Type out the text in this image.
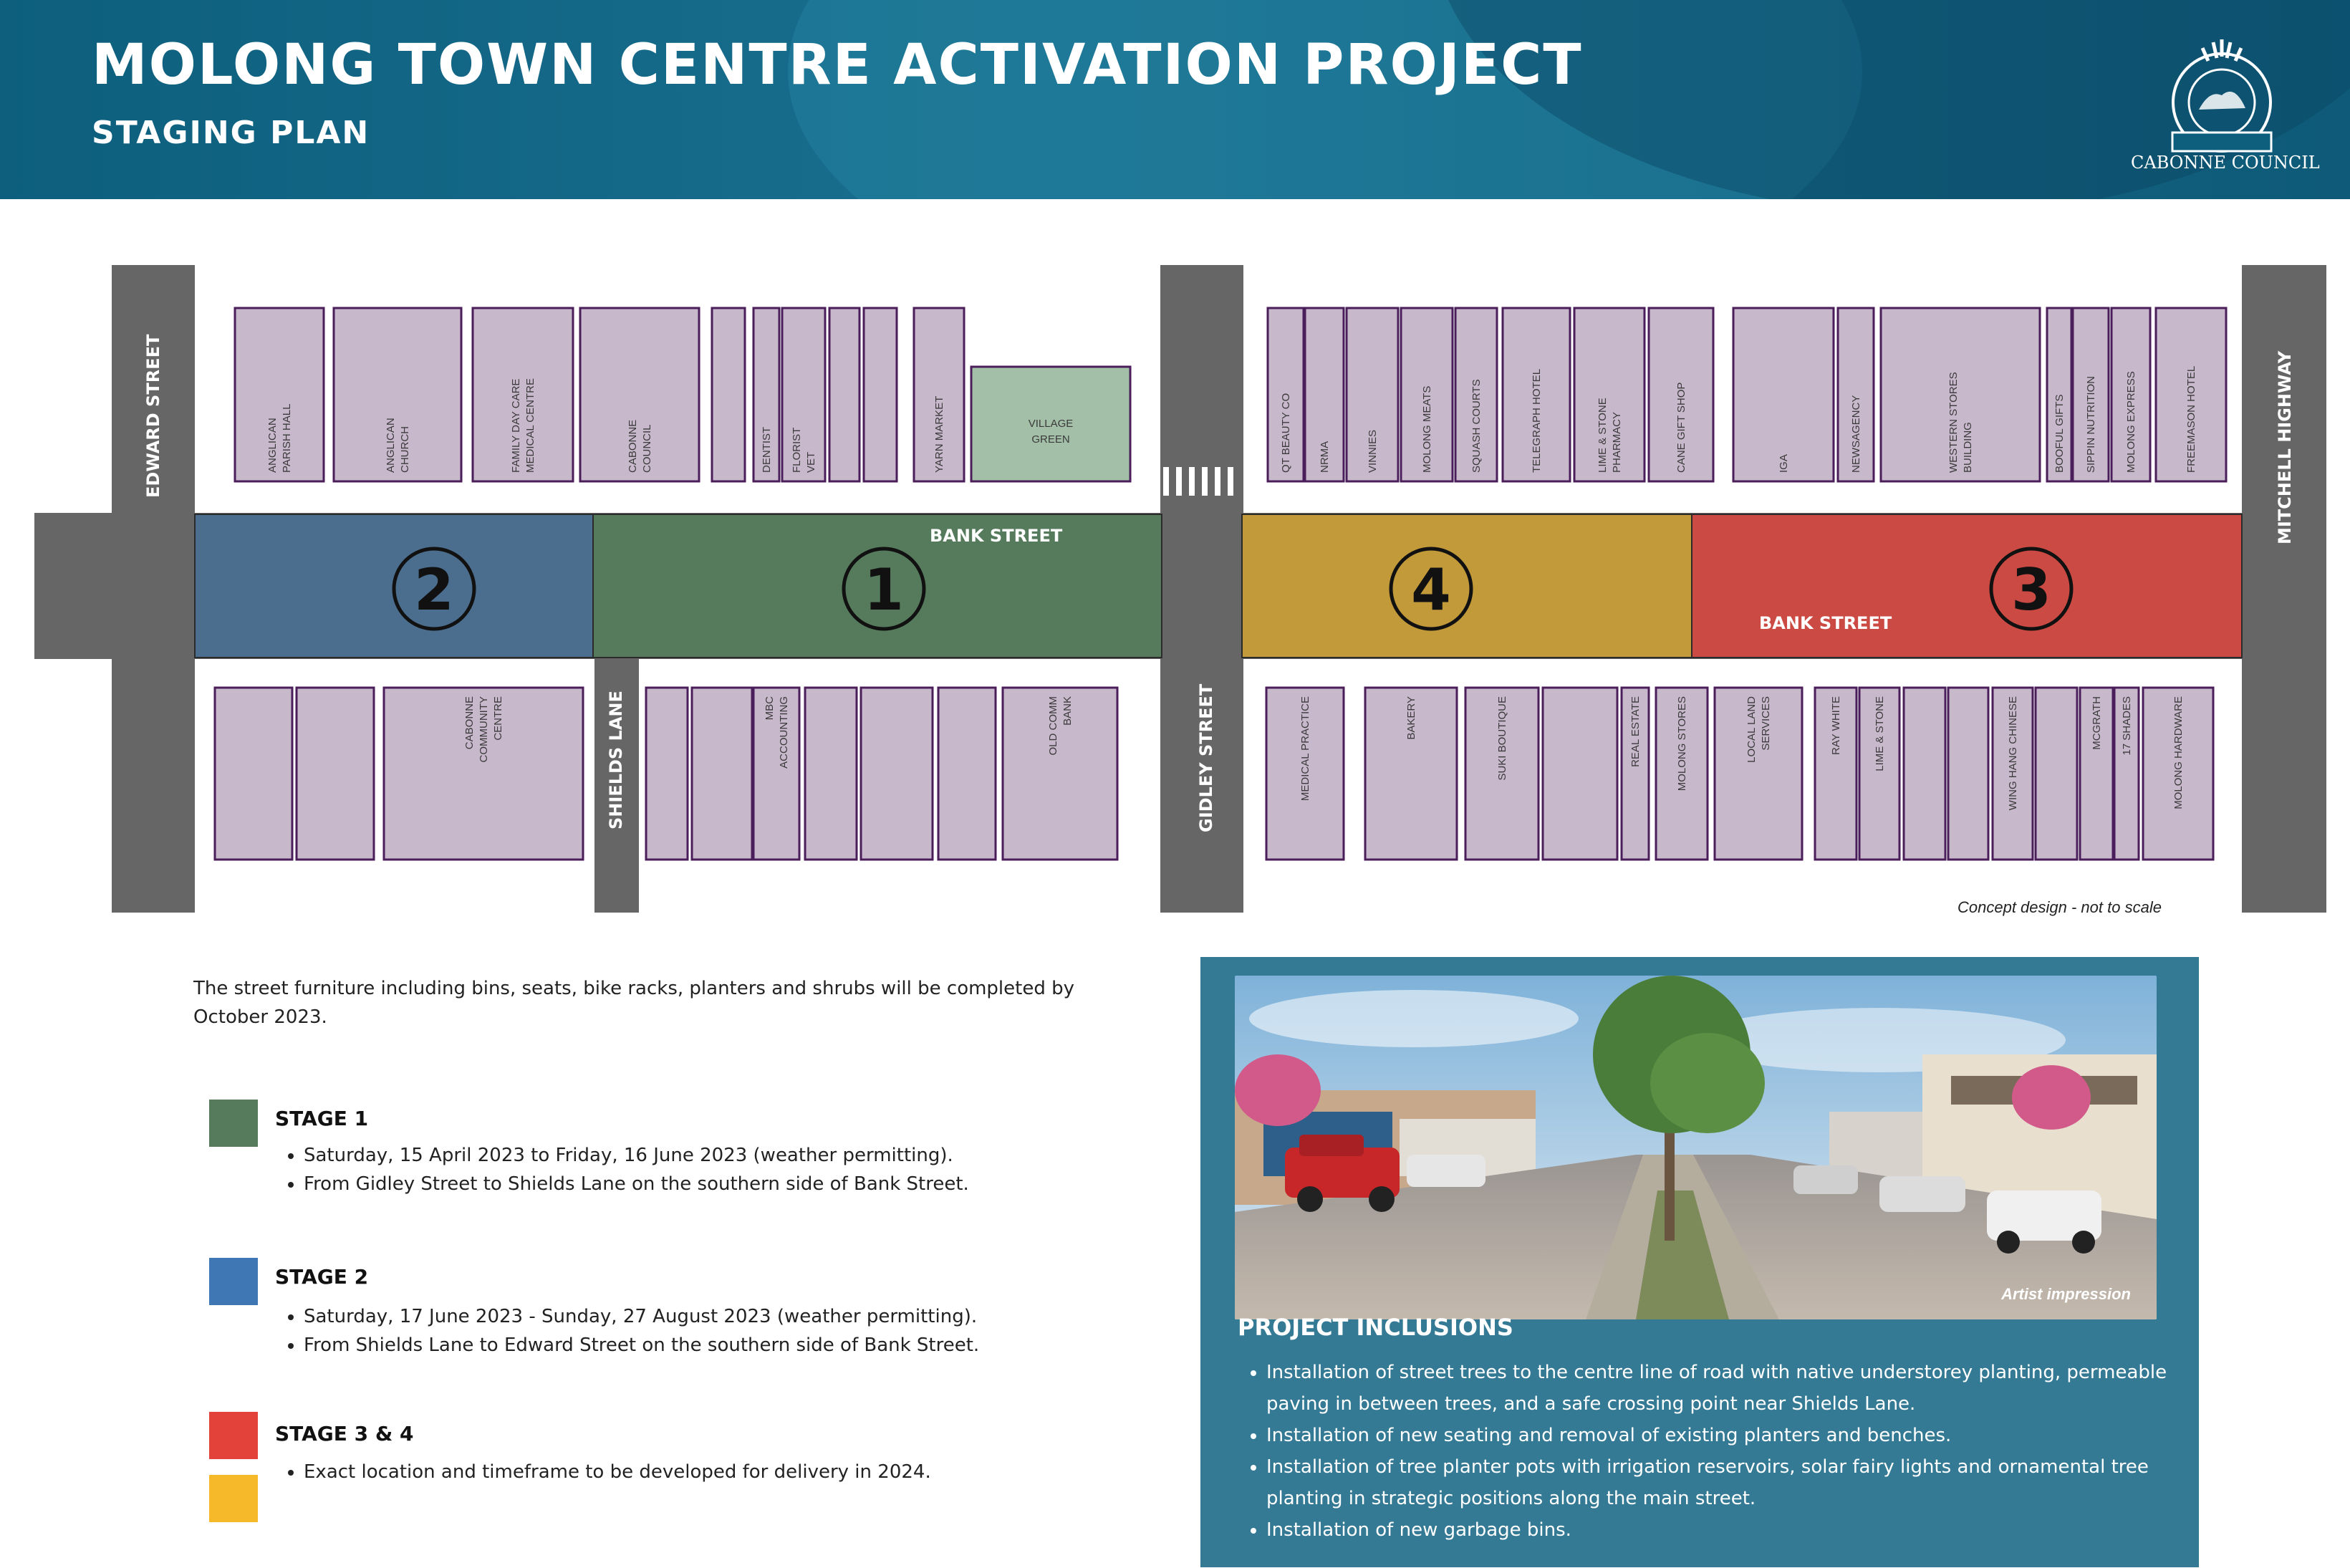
MOLONG TOWN CENTRE ACTIVATION PROJECT
STAGING PLAN
CABONNE COUNCIL
2	1	4	3
BANK STREET
BANK STREET
EDWARD STREET
GIDLEY STREET
SHIELDS LANE
MITCHELL HIGHWAY
ANGLICAN PARISH HALL	ANGLICAN CHURCH	FAMILY DAY CARE MEDICAL CENTRE	CABONNE COUNCIL	DENTIST FLORIST VET	YARN MARKET	VILLAGE
GREEN	QT BEAUTY CO NRMA	VINNIES	MOLONG MEATS	SQUASH COURTS	TELEGRAPH HOTEL	LIME & STONE PHARMACY	CANE GIFT SHOP	IGA	NEWSAGENCY	WESTERN STORES BUILDING	BOOFUL GIFTS SIPPIN NUTRITION	MOLONG EXPRESS	FREEMASON HOTEL
CABONNE COMMUNITY CENTRE	MBC ACCOUNTING	OLD COMM BANK	MEDICAL PRACTICE	BAKERY	SUKI BOUTIQUE	REAL ESTATE	MOLONG STORES	LOCAL LAND SERVICES	RAY WHITE	LIME & STONE	WING HANG CHINESE	MCGRATH 17 SHADES	MOLONG HARDWARE
Concept design - not to scale
The street furniture including bins, seats, bike racks, planters and shrubs will be completed by October 2023.
STAGE 1
• Saturday, 15 April 2023 to Friday, 16 June 2023 (weather permitting).
• From Gidley Street to Shields Lane on the southern side of Bank Street.
STAGE 2
• Saturday, 17 June 2023 - Sunday, 27 August 2023 (weather permitting).
• From Shields Lane to Edward Street on the southern side of Bank Street.
STAGE 3 & 4
• Exact location and timeframe to be developed for delivery in 2024.
Artist impression
PROJECT INCLUSIONS
• Installation of street trees to the centre line of road with native understorey planting, permeable paving in between trees, and a safe crossing point near Shields Lane.
• Installation of new seating and removal of existing planters and benches.
• Installation of tree planter pots with irrigation reservoirs, solar fairy lights and ornamental tree planting in strategic positions along the main street.
• Installation of new garbage bins.
